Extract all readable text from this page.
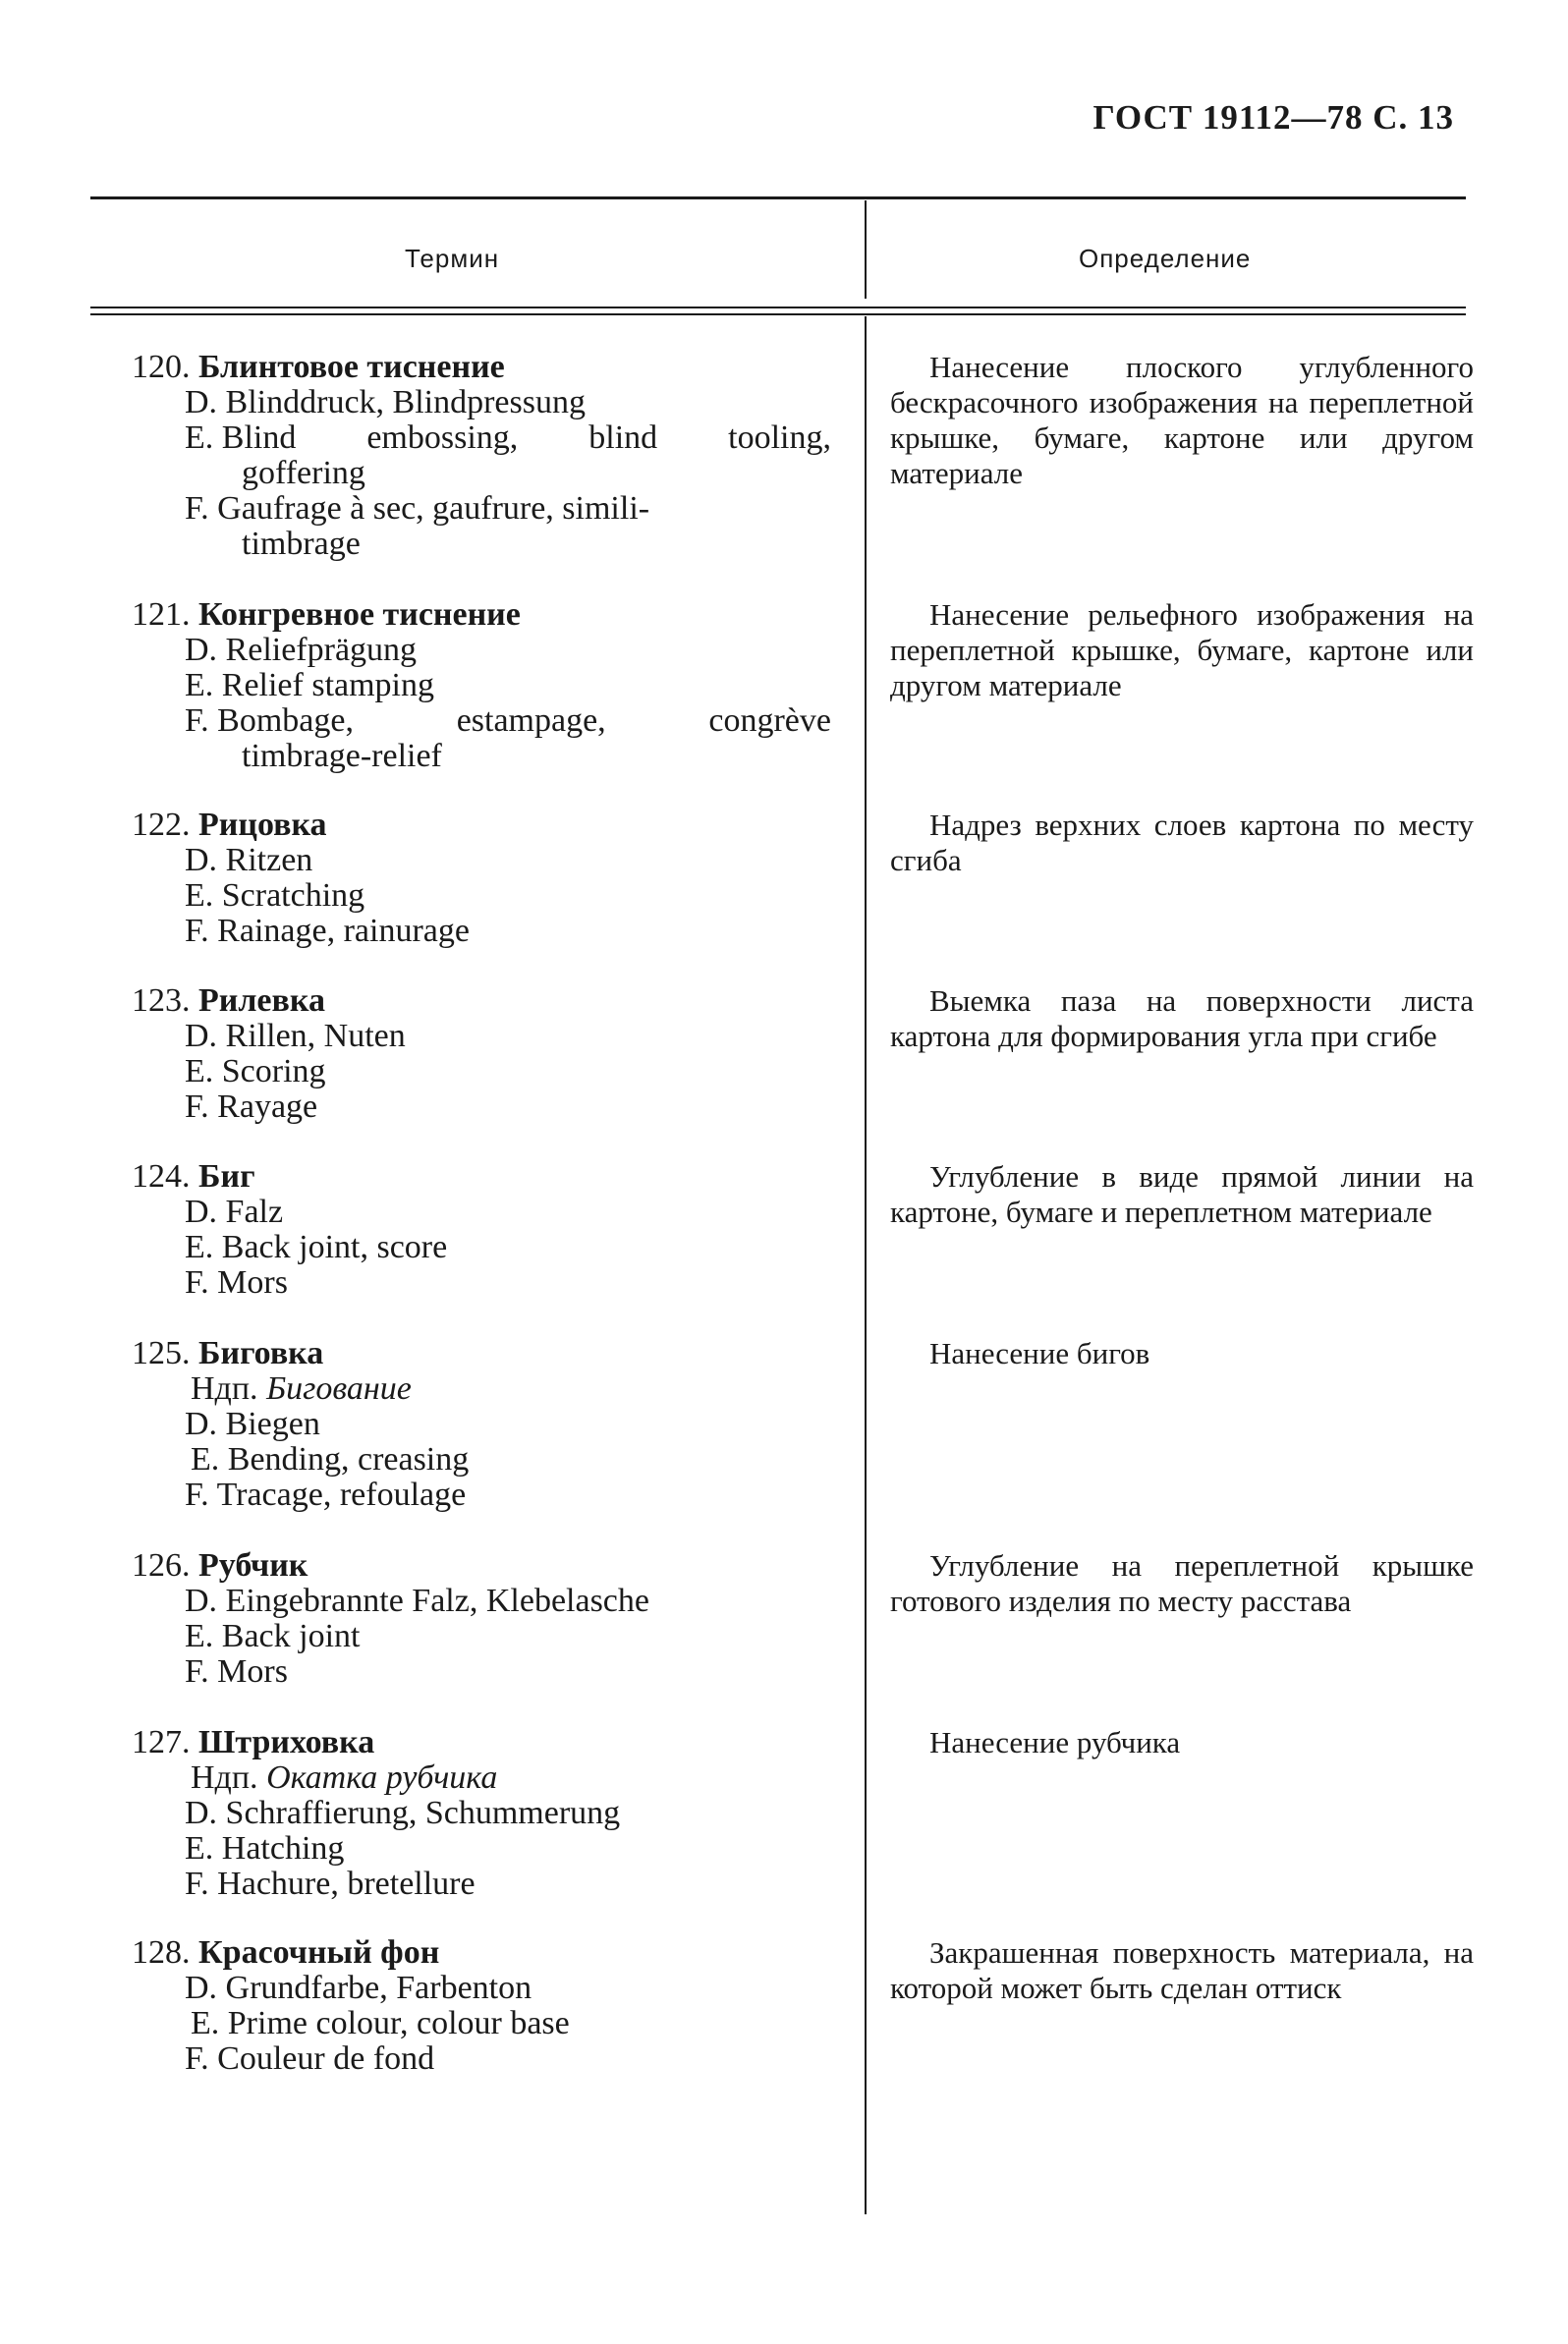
ГОСТ 19112—78 С. 13
Термин	Определение
120. Блинтовое тиснение
D. Blinddruck, Blindpressung
E. Blind embossing, blind tooling,
goffering
F. Gaufrage à sec, gaufrure, simili-
timbrage
Нанесение плоского углубленного бескрасочного изображения на переплетной крышке, бумаге, картоне или другом материале
121. Конгревное тиснение
D. Reliefprägung
E. Relief stamping
F. Bombage,	estampage,	congrève
timbrage-relief
Нанесение рельефного изображения на переплетной крышке, бумаге, картоне или другом материале
122. Рицовка
D. Ritzen
E. Scratching
F. Rainage, rainurage
Надрез верхних слоев картона по месту сгиба
123. Рилевка
D. Rillen, Nuten
E. Scoring
F. Rayage
Выемка паза на поверхности листа картона для формирования угла при сгибе
124. Биг
D. Falz
E. Back joint, score
F. Mors
Углубление в виде прямой линии на картоне, бумаге и переплетном материале
125. Биговка
Ндп. Бигование
D. Biegen
E. Bending, creasing
F. Tracage, refoulage
Нанесение бигов
126. Рубчик
D. Eingebrannte Falz, Klebelasche
E. Back joint
F. Mors
Углубление на переплетной крышке готового изделия по месту расстава
127. Штриховка
Ндп. Окатка рубчика
D. Schraffierung, Schummerung
E. Hatching
F. Hachure, bretellure
Нанесение рубчика
128. Красочный фон
D. Grundfarbe, Farbenton
E. Prime colour, colour base
F. Couleur de fond
Закрашенная поверхность материала, на которой может быть сделан оттиск
